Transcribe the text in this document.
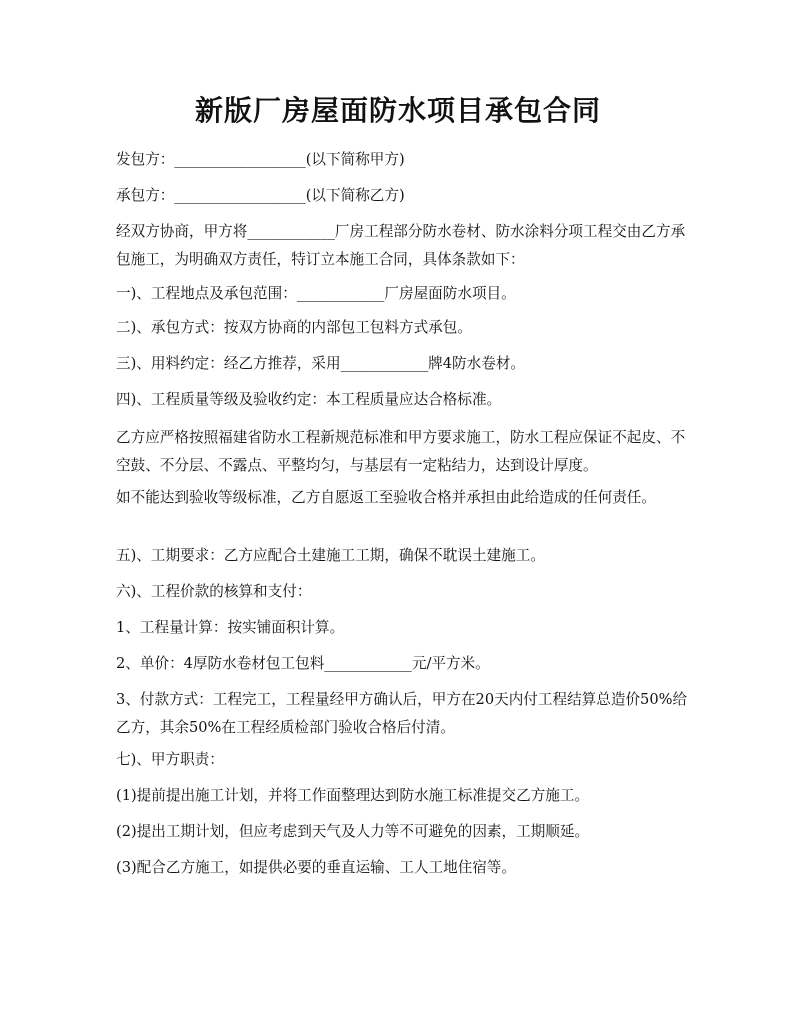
新版厂房屋面防水项目承包合同
发包方：__________________(以下简称甲方)
承包方：__________________(以下简称乙方)
经双方协商，甲方将____________厂房工程部分防水卷材、防水涂料分项工程交由乙方承包施工，为明确双方责任，特订立本施工合同，具体条款如下：
一)、工程地点及承包范围：____________厂房屋面防水项目。
二)、承包方式：按双方协商的内部包工包料方式承包。
三)、用料约定：经乙方推荐，采用____________牌4防水卷材。
四)、工程质量等级及验收约定：本工程质量应达合格标准。
乙方应严格按照福建省防水工程新规范标准和甲方要求施工，防水工程应保证不起皮、不空鼓、不分层、不露点、平整均匀，与基层有一定粘结力，达到设计厚度。
如不能达到验收等级标准，乙方自愿返工至验收合格并承担由此给造成的任何责任。
五)、工期要求：乙方应配合土建施工工期，确保不耽误土建施工。
六)、工程价款的核算和支付：
1、工程量计算：按实铺面积计算。
2、单价：4厚防水卷材包工包料____________元/平方米。
3、付款方式：工程完工，工程量经甲方确认后，甲方在20天内付工程结算总造价50%给乙方，其余50%在工程经质检部门验收合格后付清。
七)、甲方职责：
(1)提前提出施工计划，并将工作面整理达到防水施工标准提交乙方施工。
(2)提出工期计划，但应考虑到天气及人力等不可避免的因素，工期顺延。
(3)配合乙方施工，如提供必要的垂直运输、工人工地住宿等。
